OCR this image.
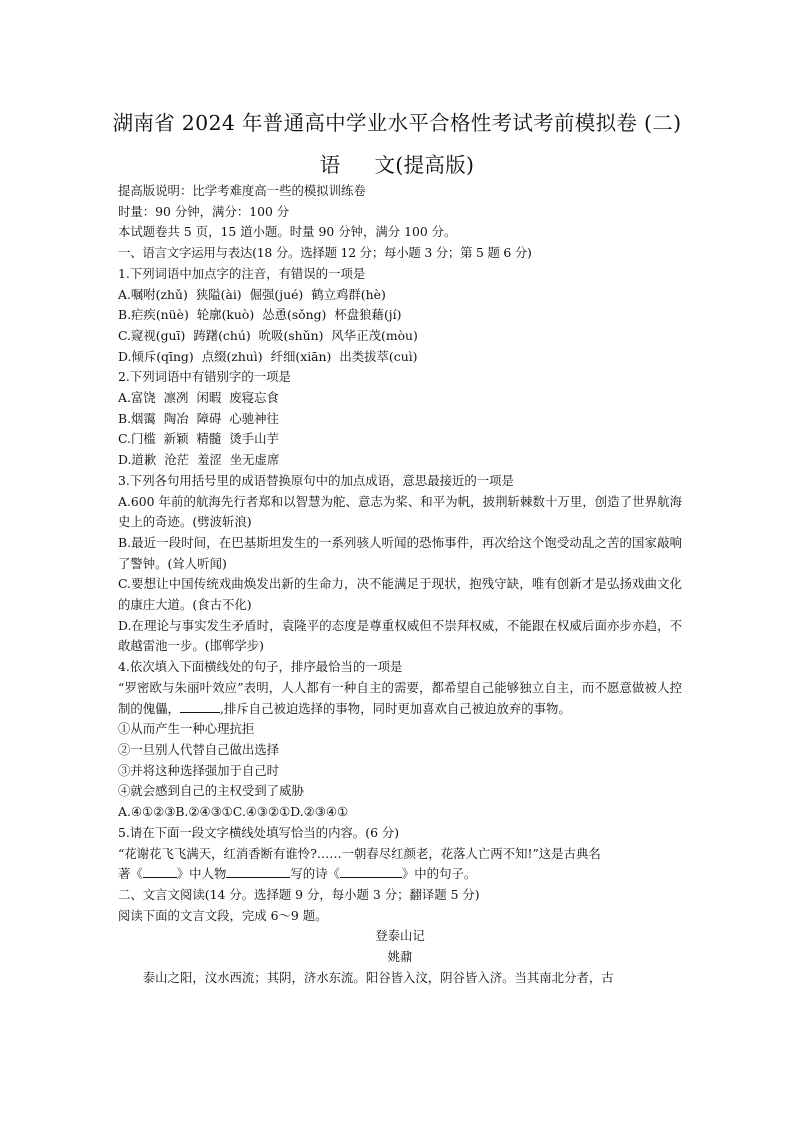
湖南省 2024 年普通高中学业水平合格性考试考前模拟卷 (二)
语 文(提高版)

提高版说明：比学考难度高一些的模拟训练卷

时量：90 分钟，满分：100 分

本试题卷共 5 页，15 道小题。时量 90 分钟，满分 100 分。

一、语言文字运用与表达(18 分。选择题 12 分；每小题 3 分；第 5 题 6 分)

1.下列词语中加点字的注音，有错误的一项是

A.嘱咐(zhǔ) 狭隘(ài) 倔强(jué) 鹤立鸡群(hè)

B.疟疾(nüè) 轮廓(kuò) 怂恿(sǒng) 杯盘狼藉(jí)

C.窥视(guī) 踌躇(chú) 吮吸(shǔn) 风华正茂(mòu)

D.倾斥(qīng) 点缀(zhuì) 纤细(xiān) 出类拔萃(cuì)

2.下列词语中有错别字的一项是

A.富饶 凛冽 闲暇 废寝忘食

B.烟霭 陶冶 障碍 心驰神往

C.门槛 新颖 精髓 烫手山芋

D.道歉 沧茫 羞涩 坐无虚席

3.下列各句用括号里的成语替换原句中的加点成语，意思最接近的一项是

A.600 年前的航海先行者郑和以智慧为舵、意志为桨、和平为帆，披荆斩棘数十万里，创造了世界航海史上的奇迹。(劈波斩浪)

B.最近一段时间，在巴基斯坦发生的一系列骇人听闻的恐怖事件，再次给这个饱受动乱之苦的国家敲响了警钟。(耸人听闻)

C.要想让中国传统戏曲焕发出新的生命力，决不能满足于现状，抱残守缺，唯有创新才是弘扬戏曲文化的康庄大道。(食古不化)

D.在理论与事实发生矛盾时，袁隆平的态度是尊重权威但不崇拜权威，不能跟在权威后面亦步亦趋，不敢越雷池一步。(邯郸学步)

4.依次填入下面横线处的句子，排序最恰当的一项是

“罗密欧与朱丽叶效应”表明，人人都有一种自主的需要，都希望自己能够独立自主，而不愿意做被人控制的傀儡，	,排斥自己被迫选择的事物，同时更加喜欢自己被迫放弃的事物。

①从而产生一种心理抗拒

②一旦别人代替自己做出选择

③并将这种选择强加于自己时

④就会感到自己的主权受到了威胁

A.④①②③B.②④③①C.④③②①D.②③④①

5.请在下面一段文字横线处填写恰当的内容。(6 分)

“花谢花飞飞满天，红消香断有谁怜?……一朝春尽红颜老，花落人亡两不知!”这是古典名

著《	》中人物	写的诗《	》中的句子。

二、文言文阅读(14 分。选择题 9 分，每小题 3 分；翻译题 5 分)

阅读下面的文言文段，完成 6～9 题。

登泰山记

姚鼐

泰山之阳，汶水西流；其阴，济水东流。阳谷皆入汶，阴谷皆入济。当其南北分者，古
